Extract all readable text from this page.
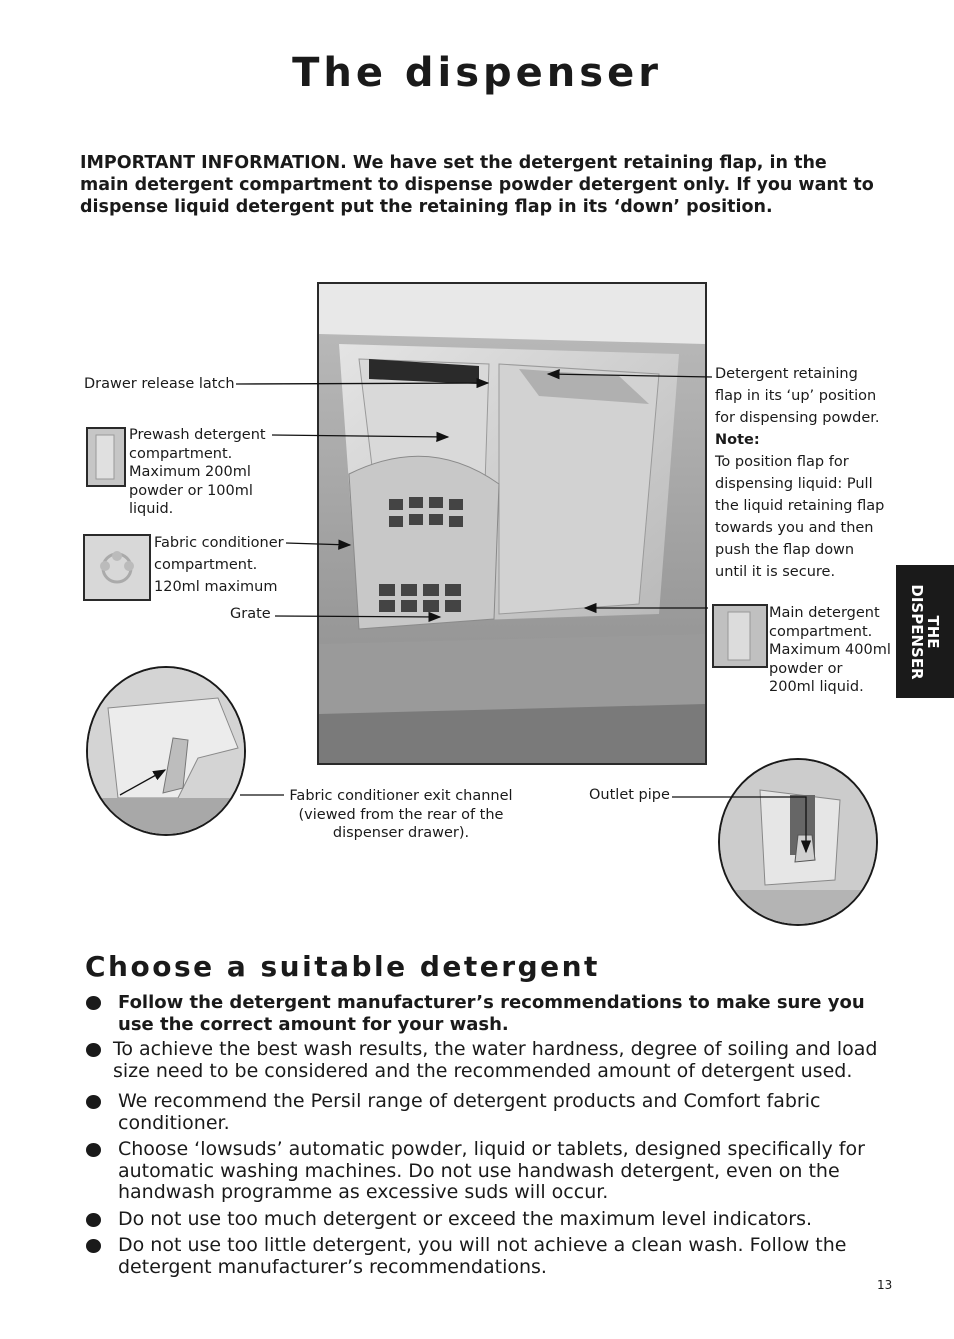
The dispenser
IMPORTANT INFORMATION. We have set the detergent retaining flap, in the main detergent compartment to dispense powder detergent only. If you want to dispense liquid detergent put the retaining flap in its ‘down’ position.
Drawer release latch
Prewash detergent
compartment.
Maximum 200ml
powder or 100ml
liquid.
Fabric conditioner
compartment.
120ml maximum
Grate
Detergent retaining
flap in its ‘up’ position
for dispensing powder.
Note:
To position flap for
dispensing liquid: Pull
the liquid retaining flap
towards you and then
push the flap down
until it is secure.
Main detergent
compartment.
Maximum 400ml
powder or
200ml liquid.
Fabric conditioner exit channel
(viewed from the rear of the
dispenser drawer).
Outlet pipe
THE
DISPENSER
Choose a suitable detergent
Follow the detergent manufacturer’s recommendations to make sure you use the correct amount for your wash.
To achieve the best wash results, the water hardness, degree of soiling and load size need to be considered and the recommended amount of detergent used.
We recommend the Persil range of detergent products and Comfort fabric conditioner.
Choose ‘lowsuds’ automatic powder, liquid or tablets, designed specifically for automatic washing machines. Do not use handwash detergent, even on the handwash programme as excessive suds will occur.
Do not use too much detergent or exceed the maximum level indicators.
Do not use too little detergent, you will not achieve a clean wash. Follow the detergent manufacturer’s recommendations.
13
